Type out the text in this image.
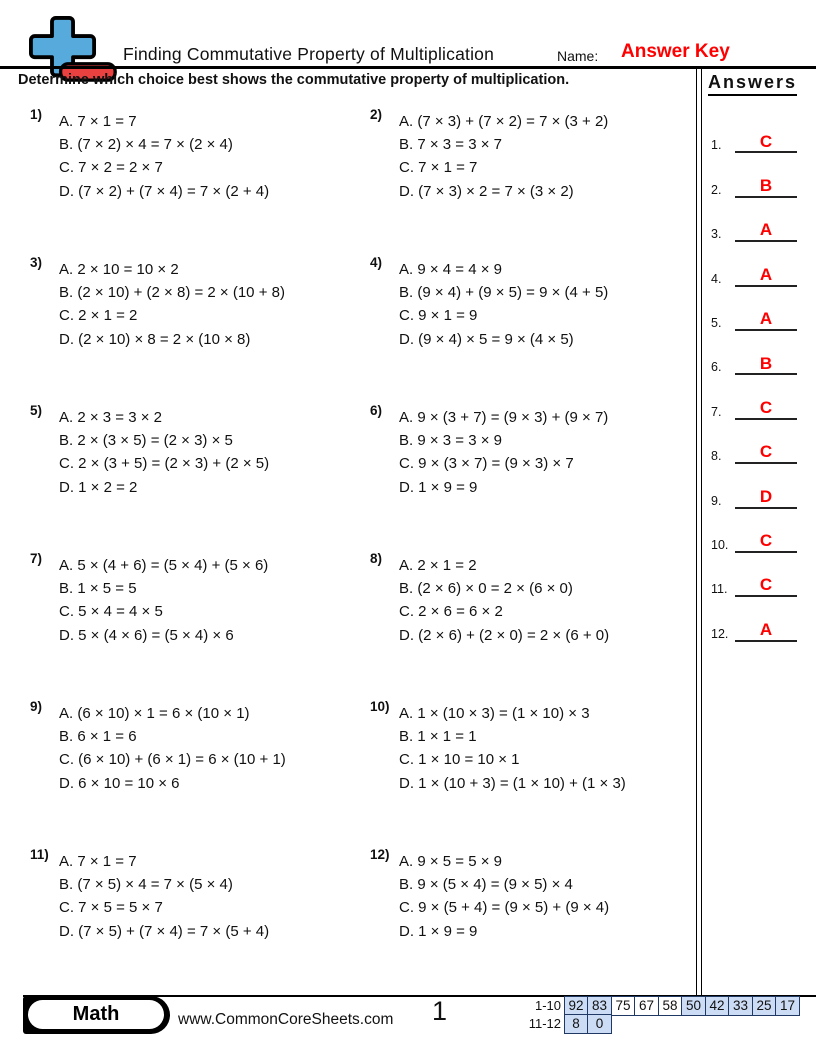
Finding Commutative Property of Multiplication	Name: Answer Key
Determine which choice best shows the commutative property of multiplication.
1) A. 7 × 1 = 7
B. (7 × 2) × 4 = 7 × (2 × 4)
C. 7 × 2 = 2 × 7
D. (7 × 2) + (7 × 4) = 7 × (2 + 4)
2) A. (7 × 3) + (7 × 2) = 7 × (3 + 2)
B. 7 × 3 = 3 × 7
C. 7 × 1 = 7
D. (7 × 3) × 2 = 7 × (3 × 2)
3) A. 2 × 10 = 10 × 2
B. (2 × 10) + (2 × 8) = 2 × (10 + 8)
C. 2 × 1 = 2
D. (2 × 10) × 8 = 2 × (10 × 8)
4) A. 9 × 4 = 4 × 9
B. (9 × 4) + (9 × 5) = 9 × (4 + 5)
C. 9 × 1 = 9
D. (9 × 4) × 5 = 9 × (4 × 5)
5) A. 2 × 3 = 3 × 2
B. 2 × (3 × 5) = (2 × 3) × 5
C. 2 × (3 + 5) = (2 × 3) + (2 × 5)
D. 1 × 2 = 2
6) A. 9 × (3 + 7) = (9 × 3) + (9 × 7)
B. 9 × 3 = 3 × 9
C. 9 × (3 × 7) = (9 × 3) × 7
D. 1 × 9 = 9
7) A. 5 × (4 + 6) = (5 × 4) + (5 × 6)
B. 1 × 5 = 5
C. 5 × 4 = 4 × 5
D. 5 × (4 × 6) = (5 × 4) × 6
8) A. 2 × 1 = 2
B. (2 × 6) × 0 = 2 × (6 × 0)
C. 2 × 6 = 6 × 2
D. (2 × 6) + (2 × 0) = 2 × (6 + 0)
9) A. (6 × 10) × 1 = 6 × (10 × 1)
B. 6 × 1 = 6
C. (6 × 10) + (6 × 1) = 6 × (10 + 1)
D. 6 × 10 = 10 × 6
10) A. 1 × (10 × 3) = (1 × 10) × 3
B. 1 × 1 = 1
C. 1 × 10 = 10 × 1
D. 1 × (10 + 3) = (1 × 10) + (1 × 3)
11) A. 7 × 1 = 7
B. (7 × 5) × 4 = 7 × (5 × 4)
C. 7 × 5 = 5 × 7
D. (7 × 5) + (7 × 4) = 7 × (5 + 4)
12) A. 9 × 5 = 5 × 9
B. 9 × (5 × 4) = (9 × 5) × 4
C. 9 × (5 + 4) = (9 × 5) + (9 × 4)
D. 1 × 9 = 9
Answers
1.	C
2.	B
3.	A
4.	A
5.	A
6.	B
7.	C
8.	C
9.	D
10.	C
11.	C
12.	A
Math	www.CommonCoreSheets.com 1	1-10 92 83 75 67 58 50 42 33 25 17
11-12 8	0
